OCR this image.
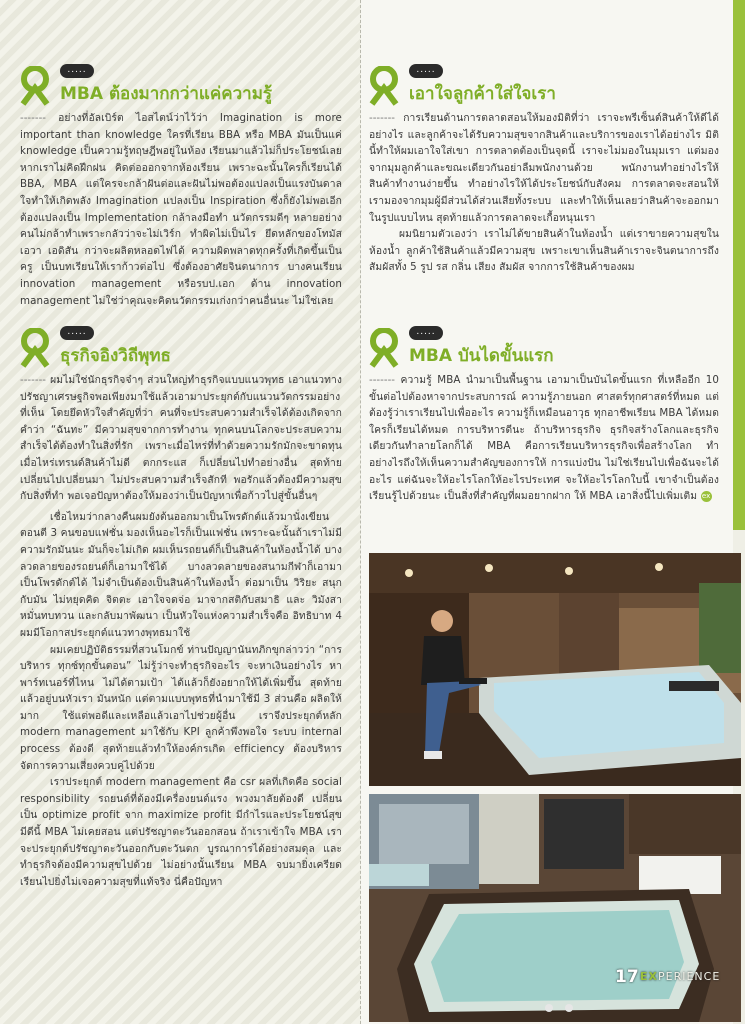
.....
MBA ต้องมากกว่าแค่ความรู้

------- อย่างที่อัลเบิร์ต ไอสไตน์ว่าไว้ว่า Imagination is more important than knowledge ใครที่เรียน BBA หรือ MBA มันเป็นแค่ knowledge เป็นความรู้ทฤษฎีพอยู่ในห้อง เรียนมาแล้วไม่ก็ประโยชน์เลย หากเราไม่คิดฝึกฝน คิดต่อออกจากห้องเรียน เพราะฉะนั้นใครก็เรียนได้ BBA, MBA แต่ใครจะกล้าฝันต่อและฝันไม่พอต้องแปลงเป็นแรงบันดาลใจทำให้เกิดพลัง Imagination แปลงเป็น Inspiration ซึ่งก็ยังไม่พอเอีก ต้องแปลงเป็น Implementation กล้าลงมือทำ นวัตกรรมดีๆ หลายอย่างคนไม่กล้าทำเพราะกลัวว่าจะไม่เวิร์ก ทำผิดไม่เป็นไร ยึดหลักของโทมัส เอวา เอดิสัน กว่าจะผลิตหลอดไฟได้ ความผิดพลาดทุกครั้งที่เกิดขึ้นเป็นครู เป็นบทเรียนให้เราก้าวต่อไป ซึ่งต้องอาศัยจินตนาการ บางคนเรียน innovation management หรือรบป.เอก ด้าน innovation management ไม่ใช่ว่าคุณจะคิดนวัตกรรมเก่งกว่าคนอื่นนะ ไม่ใช่เลย

.....
ธุรกิจอิงวิถีพุทธ

------- ผมไม่ใช่นักธุรกิจจ๋าๆ ส่วนใหญ่ทำธุรกิจแบบแนวพุทธ เอาแนวทางปรัชญาเศรษฐกิจพอเพียงมาใช้แล้วเอามาประยุกต์กับแนวนวัตกรรมอย่างที่เห็น โดยยึดหัวใจสำคัญที่ว่า คนที่จะประสบความสำเร็จได้ต้องเกิดจากคำว่า “ฉันทะ” มีความสุขจากการทำงาน ทุกคนบนโลกจะประสบความสำเร็จได้ต้องทำในสิ่งที่รัก เพราะเมื่อไหร่ที่ทำด้วยความรักมักจะขาดทุน เมื่อไหร่เทรนด์สินค้าไม่ดี ตกกระแส ก็เปลี่ยนไปทำอย่างอื่น สุดท้ายเปลี่ยนไปเปลี่ยนมา ไม่ประสบความสำเร็จสักที พอรักแล้วต้องมีความสุขกับสิ่งที่ทำ พอเจอปัญหาต้องให้มองว่าเป็นปัญหาเพื่อก้าวไปสู่ขั้นอื่นๆ

เชื่อไหมว่ากลางคืนผมยังต้นออกมาเป็นโพรดักต์แล้วมานั่งเขียนตอนตี 3 คนขอบแฟชั่น มองเห็นอะไรก็เป็นแฟชั่น เพราะฉะนั้นถ้าเราไม่มีความรักมันนะ มันก็จะไม่เกิด ผมเห็นรถยนต์ก็เป็นสินค้าในห้องน้ำได้ บางลวดลายของรถยนต์ก็เอามาใช้ได้ บางลวดลายของสนามกีฬาก็เอามาเป็นโพรดักต์ได้ ไม่จำเป็นต้องเป็นสินค้าในห้องน้ำ ต่อมาเป็น วิริยะ สนุกกับมัน ไม่หยุดคิด จิตตะ เอาใจจดจ่อ มาจากสติกับสมาธิ และ วิมังสา หมั่นทบทวน และกลับมาพัฒนา เป็นหัวใจแห่งความสำเร็จคือ อิทธิบาท 4 ผมมีโอกาสประยุกต์แนวทางพุทธมาใช้

ผมเคยปฏิบัติธรรมที่สวนโมกข์ ท่านปัญญานันทภิกขุกล่าวว่า “การบริหาร ทุกซ์ทุกขั้นตอน” ไม่รู้ว่าจะทำธุรกิจอะไร จะหาเงินอย่างไร หาพาร์ทเนอร์ที่ไหน ไม่ได้ตามเป้า ได้แล้วก็ยังอยากให้ได้เพิ่มขึ้น สุดท้ายแล้วอยู่บนหัวเรา มันหนัก แต่ตามแบบพุทธที่นำมาใช้มี 3 ส่วนคือ ผลิตให้มาก ใช้แต่พอดีและเหลือแล้วเอาไปช่วยผู้อื่น เราจึงประยุกต์หลัก modern management มาใช้กับ KPI ลูกค้าพึงพอใจ ระบบ internal process ต้องดี สุดท้ายแล้วทำให้องค์กรเกิด efficiency ต้องบริหารจัดการความเสี่ยงควบคู่ไปด้วย

เราประยุกต์ modern management คือ csr ผลที่เกิดคือ social responsibility รถยนต์ที่ต้องมีเครื่องยนต์แรง พวงมาลัยต้องดี เปลี่ยนเป็น optimize profit จาก maximize profit มีกำไรและประโยชน์สุข มีดีนี้ MBA ไม่เคยสอน แต่ปรัชญาตะวันออกสอน ถ้าเราเข้าใจ MBA เราจะประยุกต์ปรัชญาตะวันออกกับตะวันตก บูรณาการได้อย่างสมดุล และทำธุรกิจต้องมีความสุขไปด้วย ไม่อย่างนั้นเรียน MBA จบมายิ่งเครียดเรียนไปยิ่งไม่เจอความสุขที่แท้จริง นี่คือปัญหา

.....
เอาใจลูกค้าใส่ใจเรา

------- การเรียนด้านการตลาดสอนให้มองมิติที่ว่า เราจะพรีเซ็นต์สินค้าให้ดีได้อย่างไร และลูกค้าจะได้รับความสุขจากสินค้าและบริการของเราได้อย่างไร มิตินี้ทำให้ผมเอาใจใส่เขา การตลาดต้องเป็นจุดนี้ เราจะไม่มองในมุมเรา แต่มองจากมุมลูกค้าและขณะเดียวกันอย่าลืมพนักงานด้วย พนักงานทำอย่างไรให้สินค้าทำงานง่ายขึ้น ทำอย่างไรให้ได้ประโยชน์กับสังคม การตลาดจะสอนให้เรามองจากมุมผู้มีส่วนได้ส่วนเสียทั้งระบบ และทำให้เห็นเลยว่าสินค้าจะออกมาในรูปแบบไหน สุดท้ายแล้วการตลาดจะเกื้อหนุนเรา

ผมนิยามตัวเองว่า เราไม่ได้ขายสินค้าในห้องน้ำ แต่เราขายความสุขในห้องน้ำ ลูกค้าใช้สินค้าแล้วมีความสุข เพราะเขาเห็นสินค้าเราจะจินตนาการถึงสัมผัสทั้ง 5 รูป รส กลิ่น เสียง สัมผัส จากการใช้สินค้าของผม

.....
MBA บันไดขั้นแรก

------- ความรู้ MBA นำมาเป็นพื้นฐาน เอามาเป็นบันไดขั้นแรก ที่เหลืออีก 10 ขั้นต่อไปต้องหาจากประสบการณ์ ความรู้ภายนอก ศาสตร์ทุกศาสตร์ที่หมด แต่ต้องรู้ว่าเราเรียนไปเพื่ออะไร ความรู้ก็เหมือนอาวุธ ทุกอาชีพเรียน MBA ได้หมด ใครก็เรียนได้หมด การบริหารดีนะ ถ้าบริหารธุรกิจ ธุรกิจสร้างโลกและธุรกิจเดียวกันทำลายโลกก็ได้ MBA คือการเรียนบริหารธุรกิจเพื่อสร้างโลก ทำอย่างไรถึงให้เห็นความสำคัญของการให้ การแบ่งปัน ไม่ใช่เรียนไปเพื่อฉันจะได้อะไร แต่ฉันจะให้อะไรโลกให้อะไรประเทศ จะให้อะไรโลกใบนี้ เขาจำเป็นต้องเรียนรู้ไปด้วยนะ เป็นสิ่งที่สำคัญที่ผมอยากฝาก ให้ MBA เอาสิ่งนี้ไปเพิ่มเติม ex

17 EXPERIENCE
